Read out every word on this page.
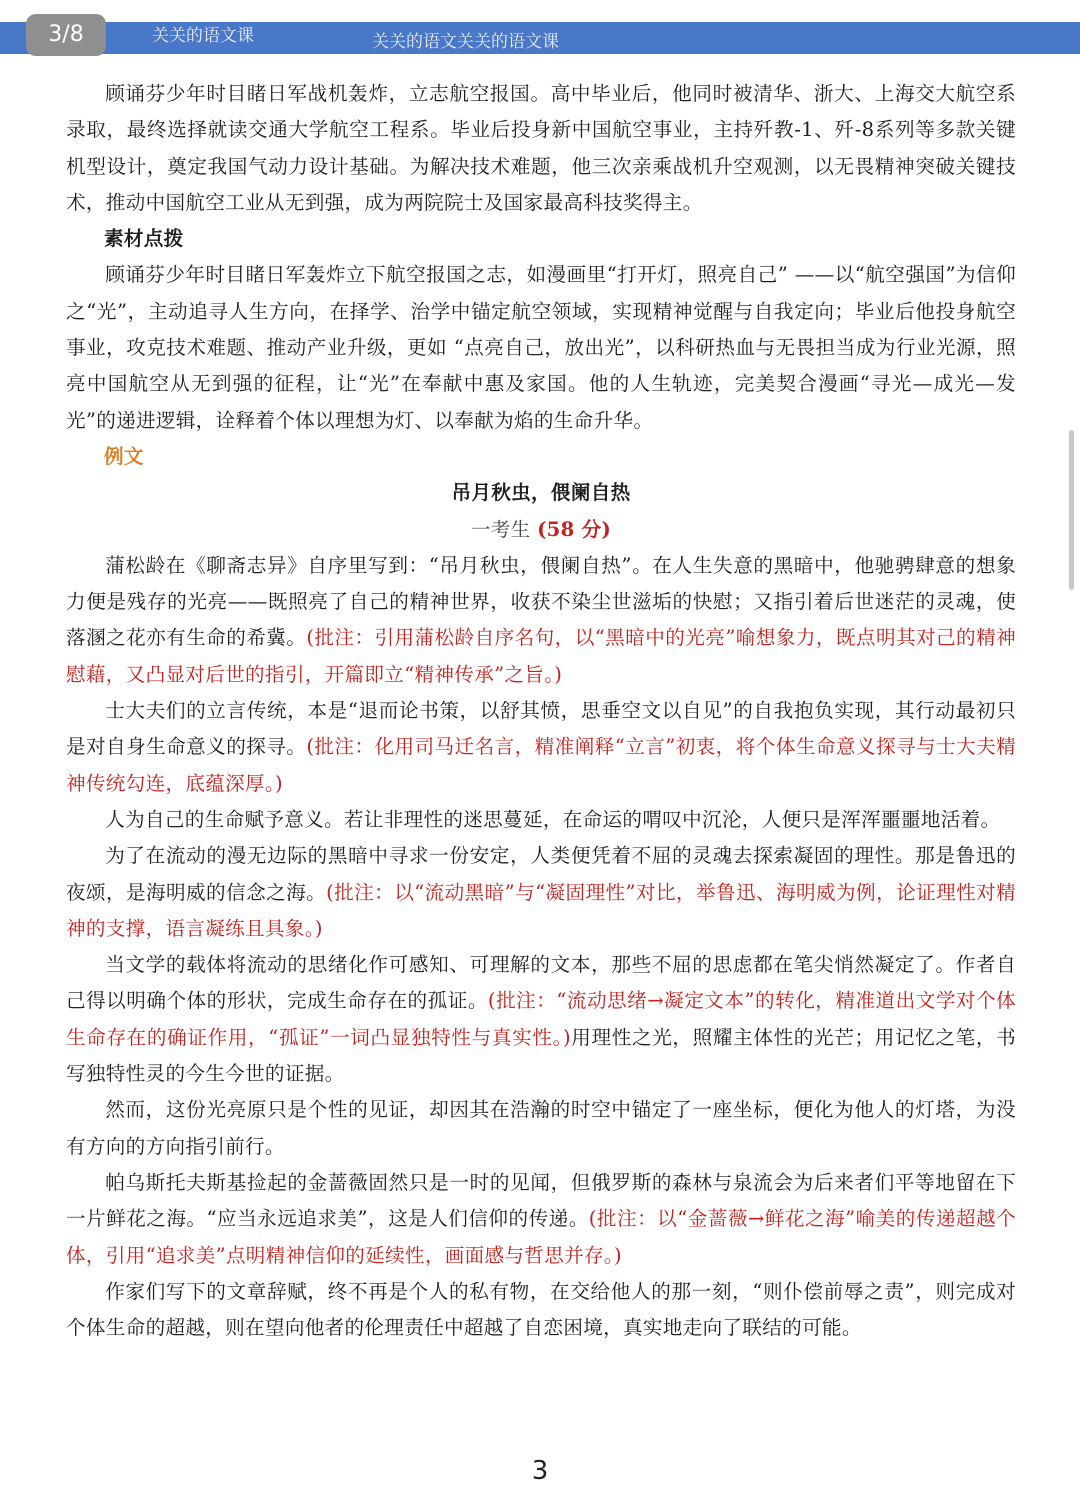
3/8	关关的语文课	关关的语文关关的语文课

顾诵芬少年时目睹日军战机轰炸，立志航空报国。高中毕业后，他同时被清华、浙大、上海交大航空系录取，最终选择就读交通大学航空工程系。毕业后投身新中国航空事业，主持歼教-1、歼-8系列等多款关键机型设计，奠定我国气动力设计基础。为解决技术难题，他三次亲乘战机升空观测，以无畏精神突破关键技术，推动中国航空工业从无到强，成为两院院士及国家最高科技奖得主。

素材点拨

顾诵芬少年时目睹日军轰炸立下航空报国之志，如漫画里“打开灯，照亮自己” ——以“航空强国”为信仰之“光”，主动追寻人生方向，在择学、治学中锚定航空领域，实现精神觉醒与自我定向；毕业后他投身航空事业，攻克技术难题、推动产业升级，更如 “点亮自己，放出光”，以科研热血与无畏担当成为行业光源，照亮中国航空从无到强的征程，让“光”在奉献中惠及家国。他的人生轨迹，完美契合漫画“寻光—成光—发光”的递进逻辑，诠释着个体以理想为灯、以奉献为焰的生命升华。

例文
吊月秋虫，偎阑自热
一考生 (58 分)

蒲松龄在《聊斋志异》自序里写到：“吊月秋虫，偎阑自热”。在人生失意的黑暗中，他驰骋肆意的想象力便是残存的光亮——既照亮了自己的精神世界，收获不染尘世滋垢的快慰；又指引着后世迷茫的灵魂，使落溷之花亦有生命的希冀。(批注：引用蒲松龄自序名句，以“黑暗中的光亮”喻想象力，既点明其对己的精神慰藉，又凸显对后世的指引，开篇即立“精神传承”之旨。)

士大夫们的立言传统，本是“退而论书策，以舒其愤，思垂空文以自见”的自我抱负实现，其行动最初只是对自身生命意义的探寻。(批注：化用司马迁名言，精准阐释“立言”初衷，将个体生命意义探寻与士大夫精神传统勾连，底蕴深厚。)

人为自己的生命赋予意义。若让非理性的迷思蔓延，在命运的喟叹中沉沦，人便只是浑浑噩噩地活着。

为了在流动的漫无边际的黑暗中寻求一份安定，人类便凭着不屈的灵魂去探索凝固的理性。那是鲁迅的夜颂，是海明威的信念之海。(批注：以“流动黑暗”与“凝固理性”对比，举鲁迅、海明威为例，论证理性对精神的支撑，语言凝练且具象。)

当文学的载体将流动的思绪化作可感知、可理解的文本，那些不屈的思虑都在笔尖悄然凝定了。作者自己得以明确个体的形状，完成生命存在的孤证。(批注：“流动思绪→凝定文本”的转化，精准道出文学对个体生命存在的确证作用，“孤证”一词凸显独特性与真实性。)用理性之光，照耀主体性的光芒；用记忆之笔，书写独特性灵的今生今世的证据。

然而，这份光亮原只是个性的见证，却因其在浩瀚的时空中锚定了一座坐标，便化为他人的灯塔，为没有方向的方向指引前行。

帕乌斯托夫斯基捡起的金蔷薇固然只是一时的见闻，但俄罗斯的森林与泉流会为后来者们平等地留在下一片鲜花之海。“应当永远追求美”，这是人们信仰的传递。(批注：以“金蔷薇→鲜花之海”喻美的传递超越个体，引用“追求美”点明精神信仰的延续性，画面感与哲思并存。)

作家们写下的文章辞赋，终不再是个人的私有物，在交给他人的那一刻，“则仆偿前辱之责”，则完成对个体生命的超越，则在望向他者的伦理责任中超越了自恋困境，真实地走向了联结的可能。

3
